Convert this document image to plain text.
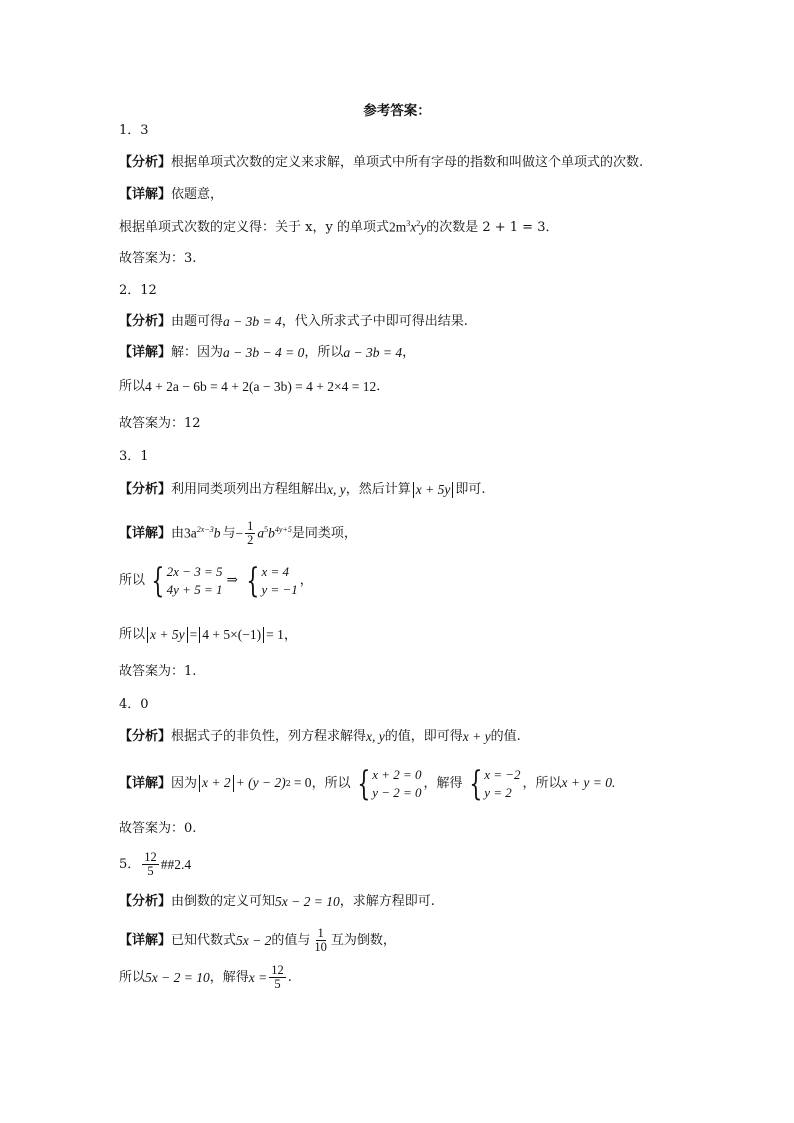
参考答案：
1．3
【分析】 根据单项式次数的定义来求解，单项式中所有字母的指数和叫做这个单项式的次数.
【详解】 依题意，
根据单项式次数的定义得：关于 x，y 的单项式 $2m^3x^2y$ 的次数是 2 + 1 = 3．
故答案为：3.
2．12
【分析】 由题可得 a − 3b = 4 ，代入所求式子中即可得出结果.
【详解】 解：因为 a − 3b − 4 = 0 ，所以 a − 3b = 4 ，
所以 4 + 2a − 6b = 4 + 2(a − 3b) = 4 + 2×4 = 12 ．
故答案为：12
3．1
【分析】 利用同类项列出方程组解出 x, y ，然后计算 x + 5y 即可.
【详解】 由 $3a^{2x-3}b$ 与 − $\frac{1}{2} a^5b^{4y+5}$ 是同类项，
所以 { 2x − 3 = 5
4y + 5 = 1
⇒ { x = 4
y = −1
，
所以 x + 5y = 4 + 5×(−1) = 1，
故答案为：1.
4．0
【分析】 根据式子的非负性，列方程求解得 x, y 的值，即可得 x + y 的值.
【详解】 因为 x + 2 + (y − 2) 2 = 0 ，所以 { x + 2 = 0
y − 2 = 0
，解得 { x = −2
y = 2
，所以 x + y = 0.
故答案为：0.
5． $\frac{12}{5}$ ##2.4
【分析】 由倒数的定义可知 5x − 2 = 10 ，求解方程即可.
【详解】 已知代数式 5x − 2 的值与 $\frac{1}{10}$ 互为倒数，
所以 5x − 2 = 10 ，解得 $x = \frac{12}{5}$ .
